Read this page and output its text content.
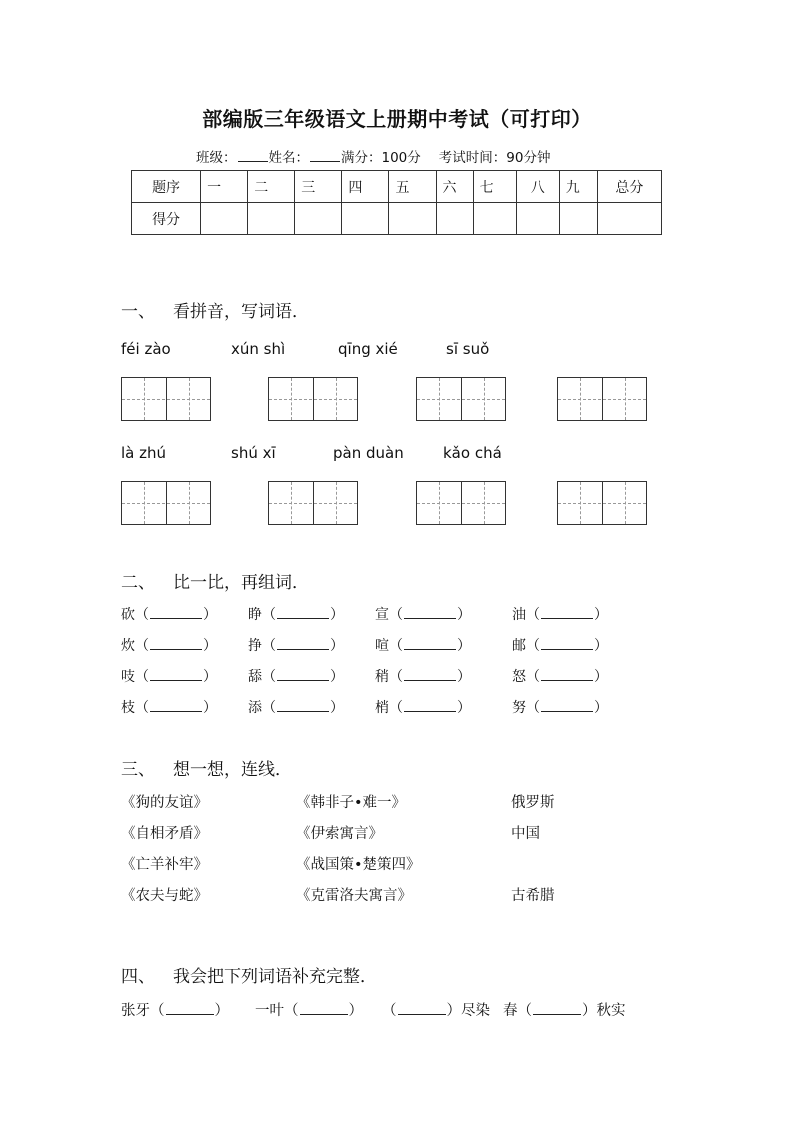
部编版三年级语文上册期中考试（可打印）
班级： 姓名： 满分：100分 考试时间：90分钟
题序	一	二	三	四	五	六	七	八	九	总分
得分										
一、 看拼音，写词语．
féi zào	xún shì	qīng xié	sī suǒ
là zhú	shú xī	pàn duàn	kǎo chá
二、 比一比，再组词．
砍（	） 睁（	） 宣（	）	油（	）
炊（	） 挣（	） 喧（	）	邮（	）
吱（	） 舔（	） 稍（	）	怒（	）
枝（	） 添（	） 梢（	）	努（	）
三、 想一想，连线．
《狗的友谊》	《韩非子•难一》	俄罗斯
《自相矛盾》	《伊索寓言》	中国
《亡羊补牢》	《战国策•楚策四》
《农夫与蛇》	《克雷洛夫寓言》	古希腊
四、 我会把下列词语补充完整．
张牙（	） 一叶（	） （	）尽染 春（	）秋实
